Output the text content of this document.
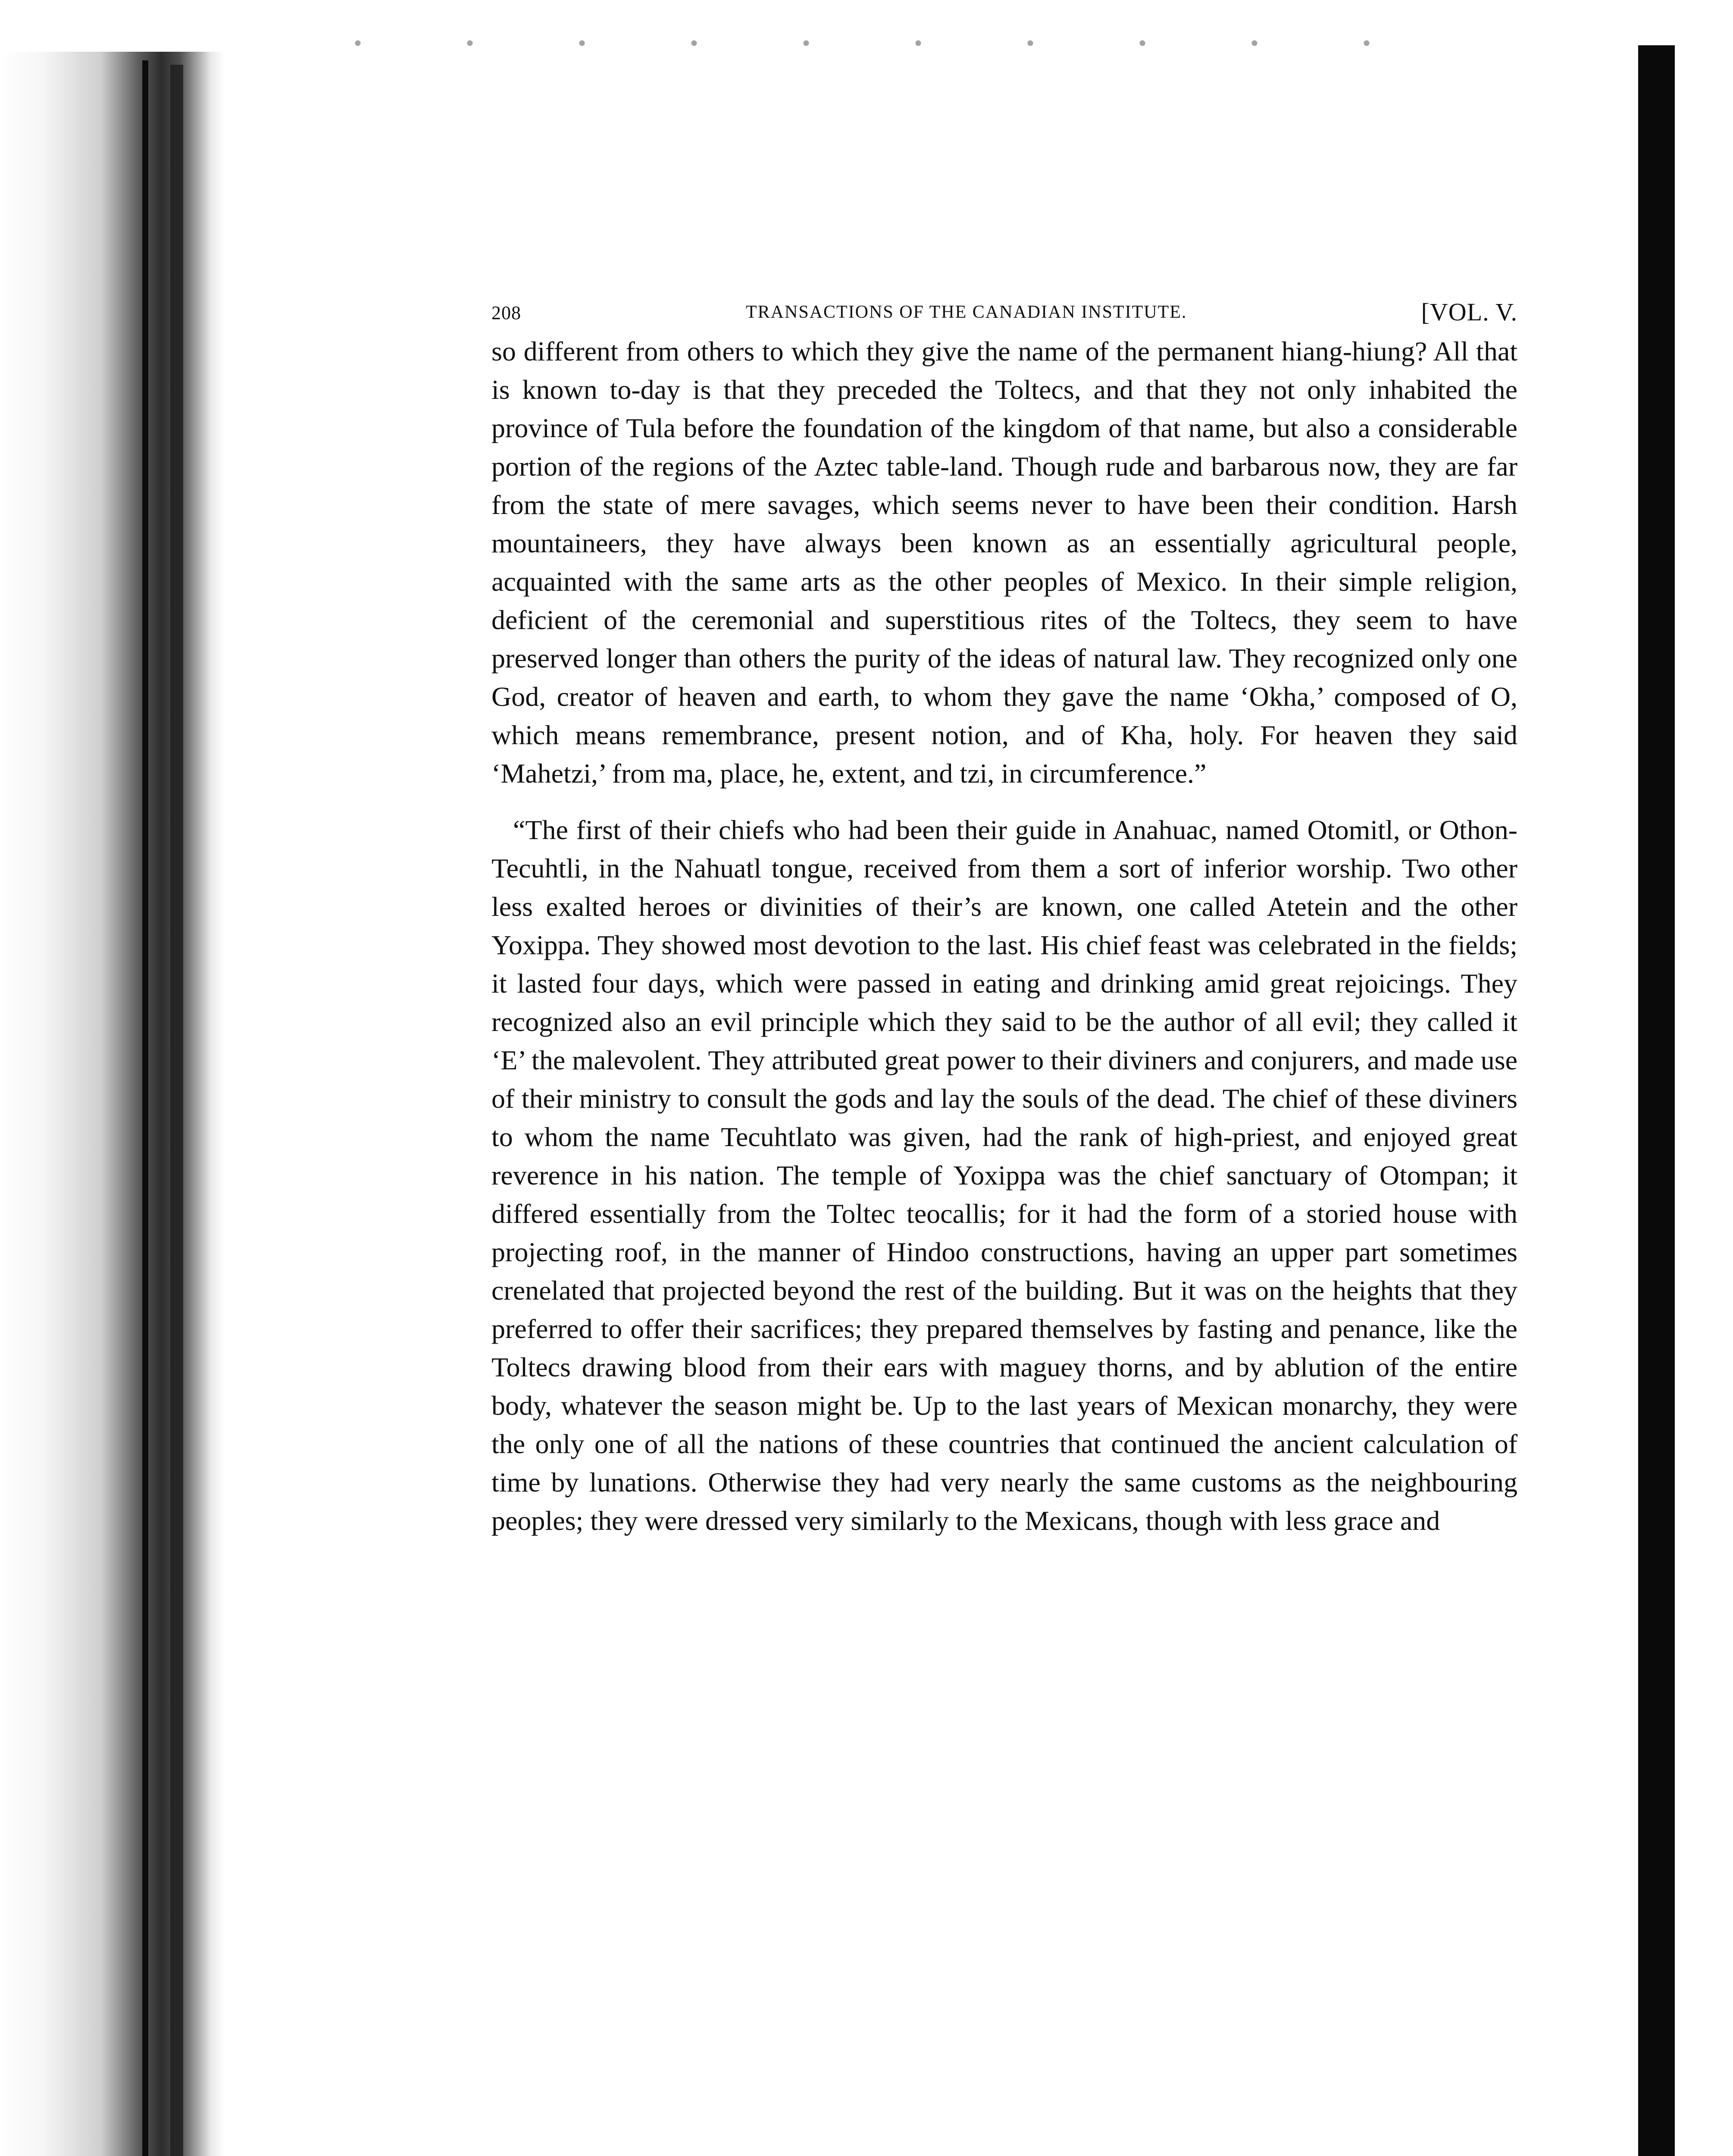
208	TRANSACTIONS OF THE CANADIAN INSTITUTE.	[VOL. V.

so different from others to which they give the name of the permanent hiang-hiung? All that is known to-day is that they preceded the Toltecs, and that they not only inhabited the province of Tula before the foundation of the kingdom of that name, but also a considerable portion of the regions of the Aztec table-land. Though rude and barbarous now, they are far from the state of mere savages, which seems never to have been their condition. Harsh mountaineers, they have always been known as an essentially agricultural people, acquainted with the same arts as the other peoples of Mexico. In their simple religion, deficient of the ceremonial and superstitious rites of the Toltecs, they seem to have preserved longer than others the purity of the ideas of natural law. They recognized only one God, creator of heaven and earth, to whom they gave the name ‘Okha,’ composed of O, which means remembrance, present notion, and of Kha, holy. For heaven they said ‘Mahetzi,’ from ma, place, he, extent, and tzi, in circumference.”

“The first of their chiefs who had been their guide in Anahuac, named Otomitl, or Othon-Tecuhtli, in the Nahuatl tongue, received from them a sort of inferior worship. Two other less exalted heroes or divinities of their’s are known, one called Atetein and the other Yoxippa. They showed most devotion to the last. His chief feast was celebrated in the fields; it lasted four days, which were passed in eating and drinking amid great rejoicings. They recognized also an evil principle which they said to be the author of all evil; they called it ‘E’ the malevolent. They attributed great power to their diviners and conjurers, and made use of their ministry to consult the gods and lay the souls of the dead. The chief of these diviners to whom the name Tecuhtlato was given, had the rank of high-priest, and enjoyed great reverence in his nation. The temple of Yoxippa was the chief sanctuary of Otompan; it differed essentially from the Toltec teocallis; for it had the form of a storied house with projecting roof, in the manner of Hindoo constructions, having an upper part sometimes crenelated that projected beyond the rest of the building. But it was on the heights that they preferred to offer their sacrifices; they prepared themselves by fasting and penance, like the Toltecs drawing blood from their ears with maguey thorns, and by ablution of the entire body, whatever the season might be. Up to the last years of Mexican monarchy, they were the only one of all the nations of these countries that continued the ancient calculation of time by lunations. Otherwise they had very nearly the same customs as the neighbouring peoples; they were dressed very similarly to the Mexicans, though with less grace and
